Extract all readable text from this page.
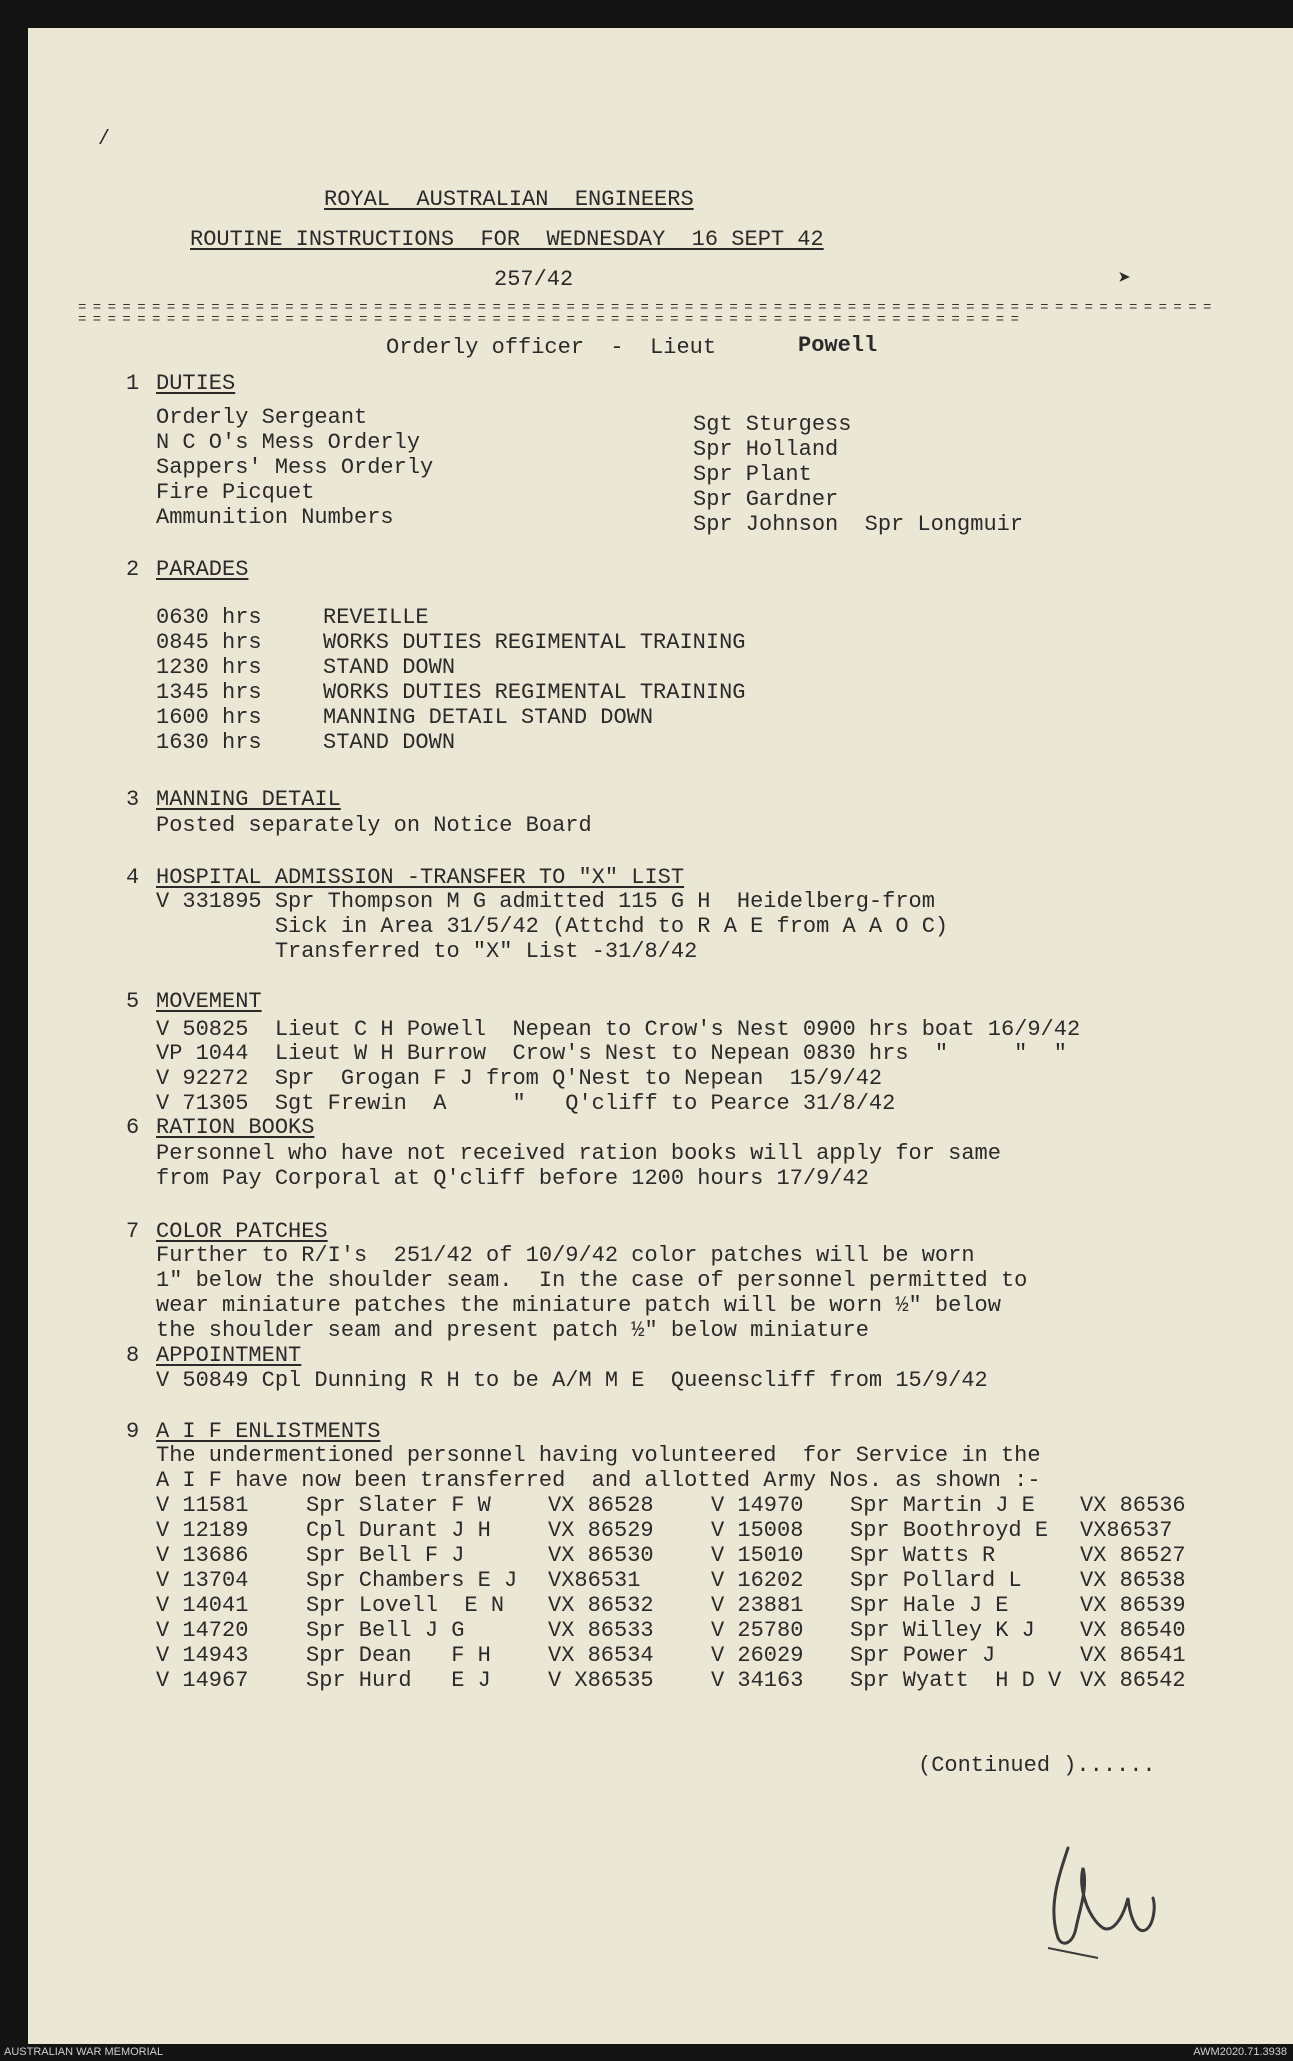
/
➤
ROYAL  AUSTRALIAN  ENGINEERS
ROUTINE INSTRUCTIONS  FOR  WEDNESDAY  16 SEPT 42
257/42
= = = = = = = = = = = = = = = = = = = = = = = = = = = = = = = = = = = = = = = = = = = = = = = = = = = = = = = = = = = = = = = = = = = = = = = = = = = = = = = = = = = = = = = = = = = = = = = = = = = = = = = = = = = = = = = = = = = = = = = = = = = = = = = = = = = = = = = = = = = = =
Orderly officer  -  Lieut	Powell
1 DUTIES
Orderly Sergeant
N C O's Mess Orderly
Sappers' Mess Orderly
Fire Picquet
Ammunition Numbers
Sgt Sturgess
Spr Holland
Spr Plant
Spr Gardner
Spr Johnson  Spr Longmuir
2 PARADES
0630 hrs
0845 hrs
1230 hrs
1345 hrs
1600 hrs
1630 hrs
REVEILLE
WORKS DUTIES REGIMENTAL TRAINING
STAND DOWN
WORKS DUTIES REGIMENTAL TRAINING
MANNING DETAIL STAND DOWN
STAND DOWN
3 MANNING DETAIL
Posted separately on Notice Board
4 HOSPITAL ADMISSION -TRANSFER TO "X" LIST
V 331895 Spr Thompson M G admitted 115 G H  Heidelberg-from
Sick in Area 31/5/42 (Attchd to R A E from A A O C)
Transferred to "X" List -31/8/42
5 MOVEMENT
V 50825  Lieut C H Powell  Nepean to Crow's Nest 0900 hrs boat 16/9/42
VP 1044  Lieut W H Burrow  Crow's Nest to Nepean 0830 hrs  "     "  "
V 92272  Spr  Grogan F J from Q'Nest to Nepean  15/9/42
V 71305  Sgt Frewin  A     "   Q'cliff to Pearce 31/8/42
6 RATION BOOKS
Personnel who have not received ration books will apply for same
from Pay Corporal at Q'cliff before 1200 hours 17/9/42
7 COLOR PATCHES
Further to R/I's  251/42 of 10/9/42 color patches will be worn
1" below the shoulder seam.  In the case of personnel permitted to
wear miniature patches the miniature patch will be worn ½" below
the shoulder seam and present patch ½" below miniature
8 APPOINTMENT
V 50849 Cpl Dunning R H to be A/M M E  Queenscliff from 15/9/42
9 A I F ENLISTMENTS
The undermentioned personnel having volunteered  for Service in the
A I F have now been transferred  and allotted Army Nos. as shown :-
V 11581
V 12189
V 13686
V 13704
V 14041
V 14720
V 14943
V 14967
Spr Slater F W
Cpl Durant J H
Spr Bell F J
Spr Chambers E J
Spr Lovell  E N
Spr Bell J G
Spr Dean   F H
Spr Hurd   E J
VX 86528
VX 86529
VX 86530
VX86531
VX 86532
VX 86533
VX 86534
V X86535
V 14970
V 15008
V 15010
V 16202
V 23881
V 25780
V 26029
V 34163
Spr Martin J E
Spr Boothroyd E
Spr Watts R
Spr Pollard L
Spr Hale J E
Spr Willey K J
Spr Power J
Spr Wyatt  H D V
VX 86536
VX86537
VX 86527
VX 86538
VX 86539
VX 86540
VX 86541
VX 86542
(Continued )......
AUSTRALIAN WAR MEMORIAL	AWM2020.71.3938
